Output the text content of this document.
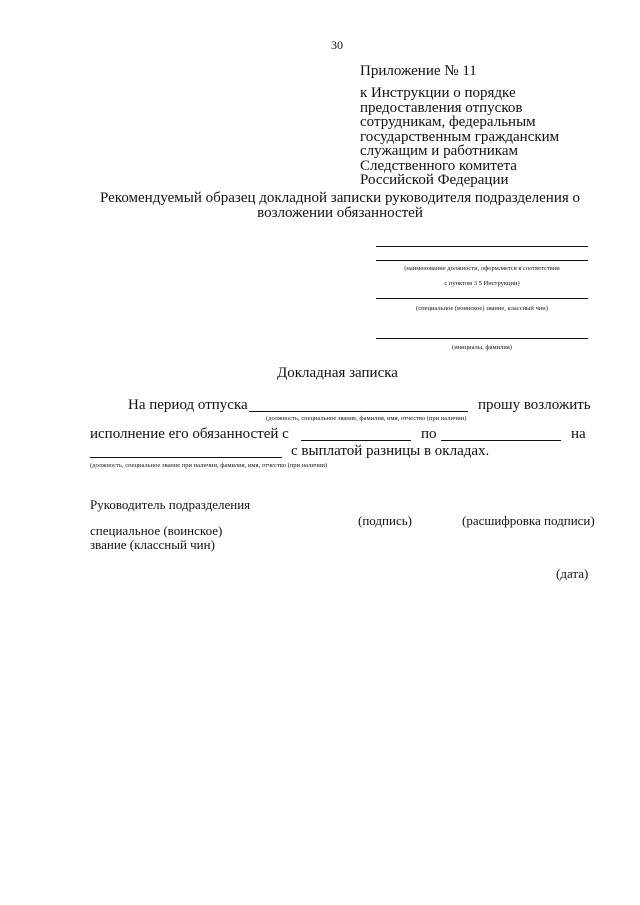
30
Приложение № 11
к Инструкции о порядке
предоставления отпусков
сотрудникам, федеральным
государственным гражданским
служащим и работникам
Следственного комитета
Российской Федерации
Рекомендуемый образец докладной записки руководителя подразделения о
возложении обязанностей
(наименование должности, оформляется в соответствии
с пунктом 3 5 Инструкции)
(специальное (воинское) звание, классный чин)
(инициалы, фамилия)
Докладная записка
На период отпуска	прошу возложить
(должность, специальное звание, фамилия, имя, отчество (при наличии)
исполнение его обязанностей с	по	на
с выплатой разницы в окладах.
(должность, специальное звание при наличии, фамилия, имя, отчество (при наличии)
Руководитель подразделения
(подпись)	(расшифровка подписи)
специальное (воинское)
звание (классный чин)
(дата)
